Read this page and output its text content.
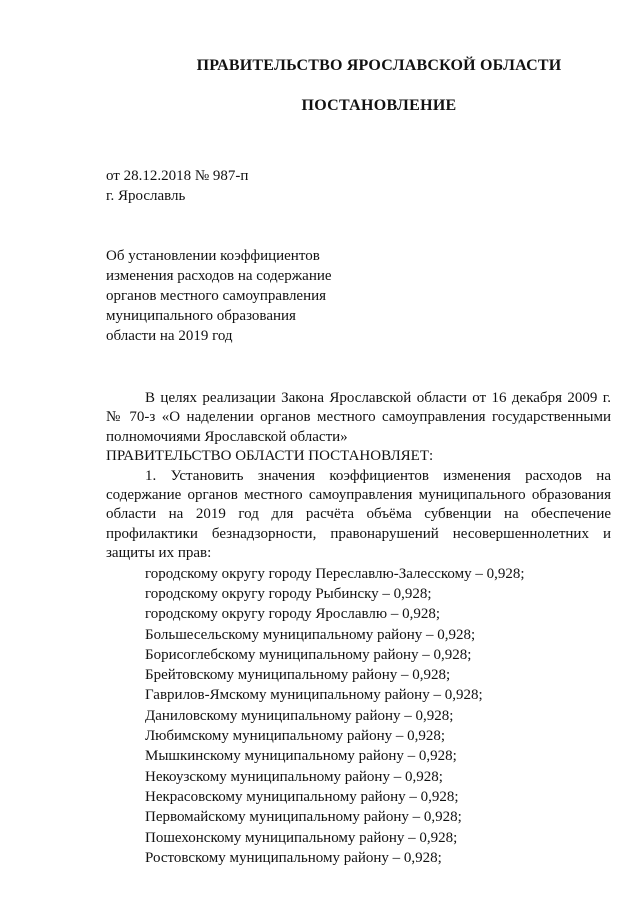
ПРАВИТЕЛЬСТВО ЯРОСЛАВСКОЙ ОБЛАСТИ
ПОСТАНОВЛЕНИЕ
от 28.12.2018 № 987-п
г. Ярославль
Об установлении коэффициентов
изменения расходов на содержание
органов местного самоуправления
муниципального образования
области на 2019 год

В целях реализации Закона Ярославской области от 16 декабря 2009 г. № 70-з «О наделении органов местного самоуправления государственными полномочиями Ярославской области»

ПРАВИТЕЛЬСТВО ОБЛАСТИ ПОСТАНОВЛЯЕТ:

1. Установить значения коэффициентов изменения расходов на содержание органов местного самоуправления муниципального образования области на 2019 год для расчёта объёма субвенции на обеспечение профилактики безнадзорности, правонарушений несовершеннолетних и защиты их прав:

городскому округу городу Переславлю-Залесскому – 0,928;

городскому округу городу Рыбинску – 0,928;

городскому округу городу Ярославлю – 0,928;

Большесельскому муниципальному району – 0,928;

Борисоглебскому муниципальному району – 0,928;

Брейтовскому муниципальному району – 0,928;

Гаврилов-Ямскому муниципальному району – 0,928;

Даниловскому муниципальному району – 0,928;

Любимскому муниципальному району – 0,928;

Мышкинскому муниципальному району – 0,928;

Некоузскому муниципальному району – 0,928;

Некрасовскому муниципальному району – 0,928;

Первомайскому муниципальному району – 0,928;

Пошехонскому муниципальному району – 0,928;

Ростовскому муниципальному району – 0,928;
